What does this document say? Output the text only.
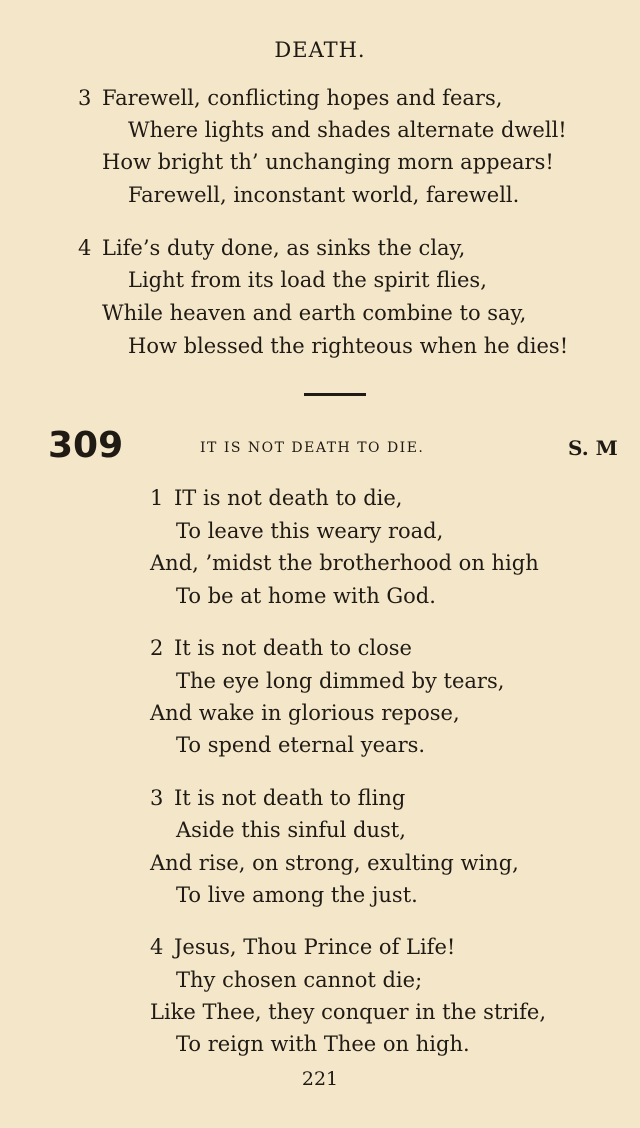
DEATH.
3 Farewell, conflicting hopes and fears,
Where lights and shades alternate dwell!
How bright th’ unchanging morn appears!
Farewell, inconstant world, farewell.
4 Life’s duty done, as sinks the clay,
Light from its load the spirit flies,
While heaven and earth combine to say,
How blessed the righteous when he dies!
309	IT IS NOT DEATH TO DIE.	S. M
1 IT is not death to die,
To leave this weary road,
And, ’midst the brotherhood on high
To be at home with God.
2 It is not death to close
The eye long dimmed by tears,
And wake in glorious repose,
To spend eternal years.
3 It is not death to fling
Aside this sinful dust,
And rise, on strong, exulting wing,
To live among the just.
4 Jesus, Thou Prince of Life!
Thy chosen cannot die;
Like Thee, they conquer in the strife,
To reign with Thee on high.
221
